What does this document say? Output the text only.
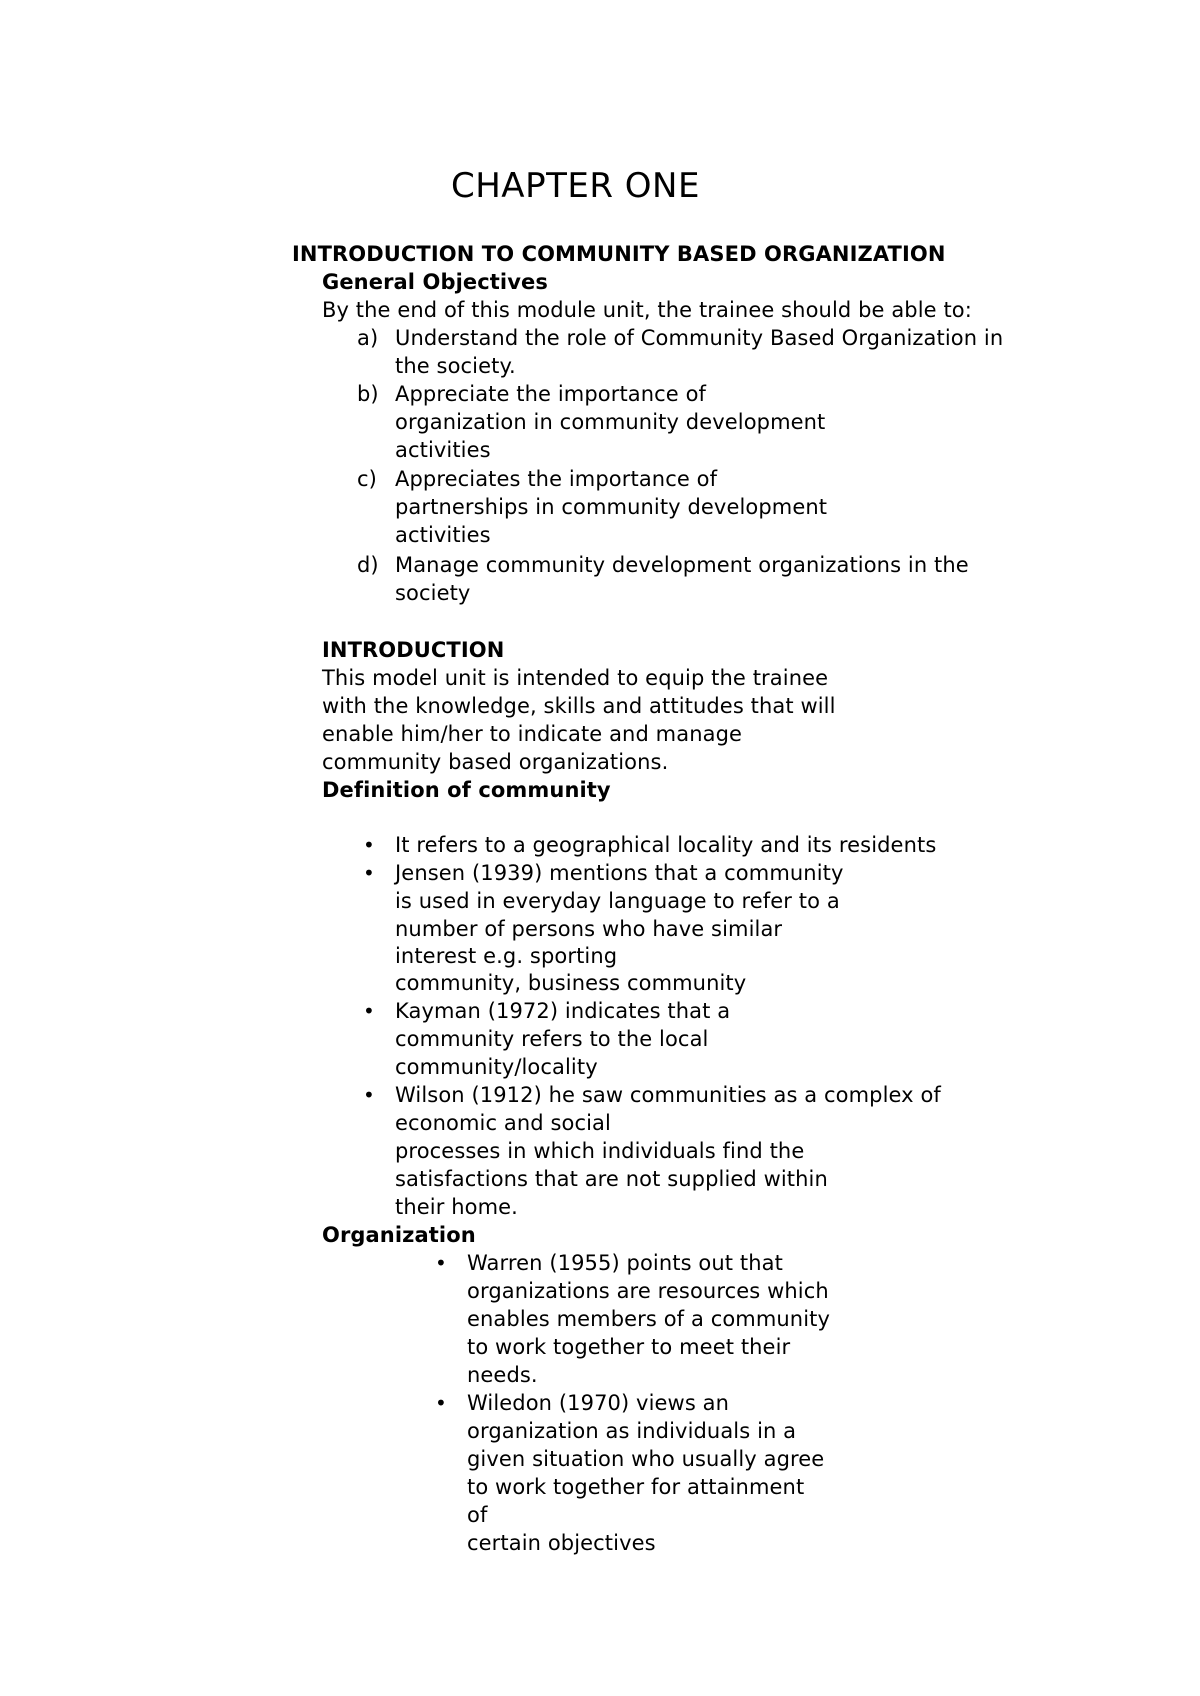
CHAPTER ONE
INTRODUCTION TO COMMUNITY BASED ORGANIZATION
General Objectives
By the end of this module unit, the trainee should be able to:
a) Understand the role of Community Based Organization in
the society.
b) Appreciate the importance of
organization in community development
activities
c) Appreciates the importance of
partnerships in community development
activities
d) Manage community development organizations in the
society
INTRODUCTION
This model unit is intended to equip the trainee
with the knowledge, skills and attitudes that will
enable him/her to indicate and manage
community based organizations.
Definition of community
• It refers to a geographical locality and its residents
• Jensen (1939) mentions that a community
is used in everyday language to refer to a
number of persons who have similar
interest e.g. sporting
community, business community
• Kayman (1972) indicates that a
community refers to the local
community/locality
• Wilson (1912) he saw communities as a complex of
economic and social
processes in which individuals find the
satisfactions that are not supplied within
their home.
Organization
• Warren (1955) points out that
organizations are resources which
enables members of a community
to work together to meet their
needs.
• Wiledon (1970) views an
organization as individuals in a
given situation who usually agree
to work together for attainment
of
certain objectives
